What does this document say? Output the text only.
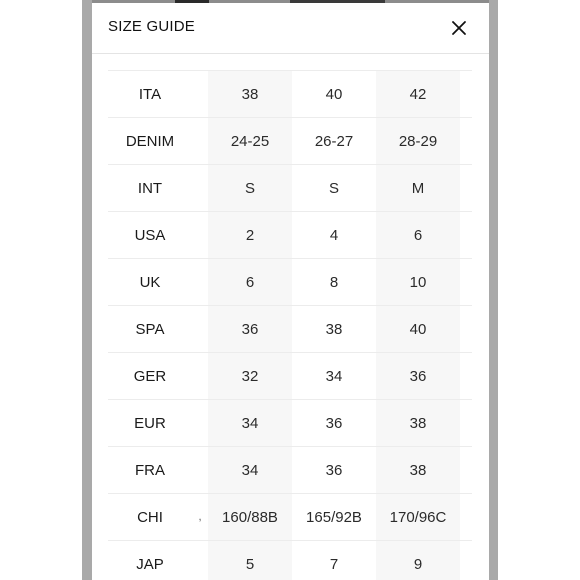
SIZE GUIDE
ITA		38	40	42	
DENIM		24-25	26-27	28-29	
INT		S	S	M	
USA		2	4	6	
UK		6	8	10	
SPA		36	38	40	
GER		32	34	36	
EUR		34	36	38	
FRA		34	36	38	
CHI	,	160/88B	165/92B	170/96C	
JAP		5	7	9	
